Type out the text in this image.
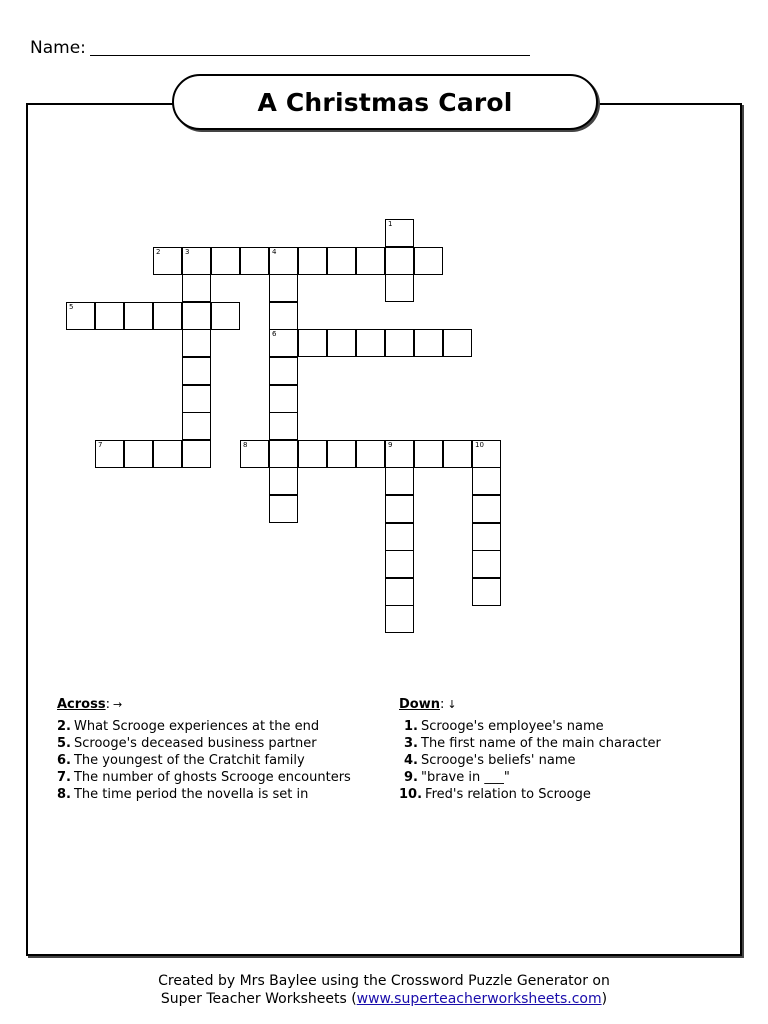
Name:
A Christmas Carol
1
2	3	4
6
5
7	8	9	10
Across: →
2. What Scrooge experiences at the end
5. Scrooge's deceased business partner
6. The youngest of the Cratchit family
7. The number of ghosts Scrooge encounters
8. The time period the novella is set in
Down: ↓
1. Scrooge's employee's name
3. The first name of the main character
4. Scrooge's beliefs' name
9. "brave in ___"
10. Fred's relation to Scrooge
Created by Mrs Baylee using the Crossword Puzzle Generator on
Super Teacher Worksheets (www.superteacherworksheets.com)
